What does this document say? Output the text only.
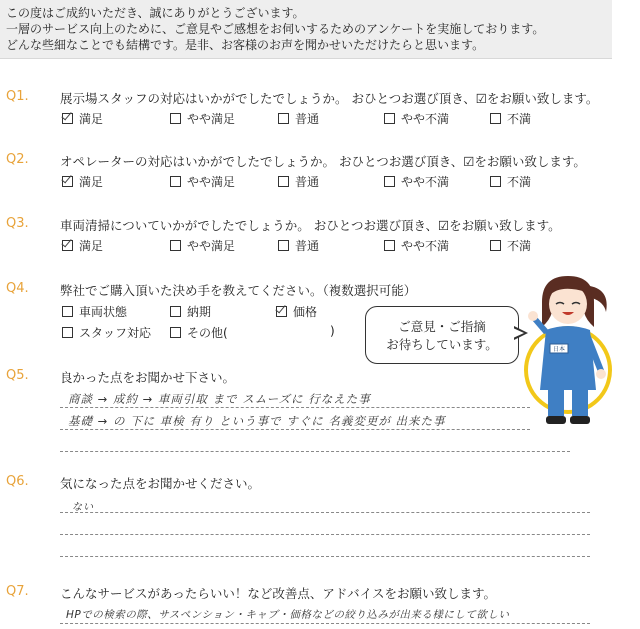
この度はご成約いただき、誠にありがとうございます。
一層のサービス向上のために、ご意見やご感想をお伺いするためのアンケートを実施しております。
どんな些細なことでも結構です。是非、お客様のお声を聞かせいただけたらと思います。
Q1.	展示場スタッフの対応はいかがでしたでしょうか。 おひとつお選び頂き、☑をお願い致します。
満足	やや満足	普通	やや不満	不満
Q2.	オペレーターの対応はいかがでしたでしょうか。 おひとつお選び頂き、☑をお願い致します。
満足	やや満足	普通	やや不満	不満
Q3.	車両清掃についていかがでしたでしょうか。 おひとつお選び頂き、☑をお願い致します。
満足	やや満足	普通	やや不満	不満
Q4.	弊社でご購入頂いた決め手を教えてください。（複数選択可能）
車両状態	納期	価格
スタッフ対応	その他(	)	ご意見・ご指摘
お待ちしています。	日本
Q5.	良かった点をお聞かせ下さい。
商談 → 成約 → 車両引取 まで スムーズに 行なえた事
基礎 → の 下に 車検 有り という事で すぐに 名義変更が 出来た事
Q6.	気になった点をお聞かせください。
ない
Q7.	こんなサービスがあったらいい！など改善点、アドバイスをお願い致します。
HPでの検索の際、サスペンション・キャブ・価格などの絞り込みが出来る様にして欲しい
